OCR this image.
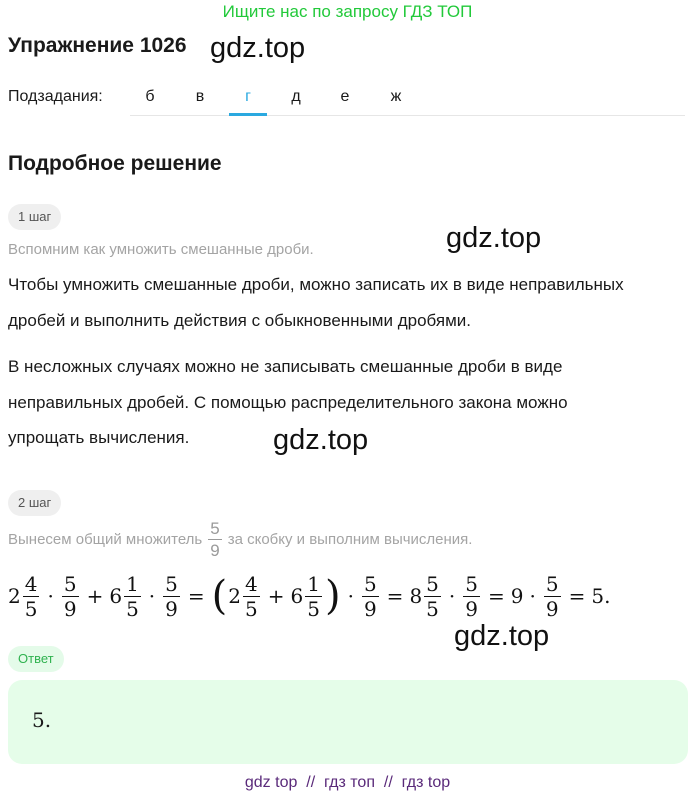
Ищите нас по запросу ГДЗ ТОП
Упражнение 1026 gdz.top
Подзадания:	б	в	г	д	е	ж
Подробное решение
1 шаг
Вспомним как умножить смешанные дроби.	gdz.top
Чтобы умножить смешанные дроби, можно записать их в виде неправильных
дробей и выполнить действия с обыкновенными дробями.
В несложных случаях можно не записывать смешанные дроби в виде
неправильных дробей. С помощью распределительного закона можно
упрощать вычисления.	gdz.top
2 шаг
Вынесем общий множитель $\frac{5}{9}$ за скобку и выполним вычисления.
$2 \frac{4}{5} \cdot \frac{5}{9} + 6 \frac{1}{5} \cdot \frac{5}{9}$ = ( $2 \frac{4}{5} + 6 \frac{1}{5}$ ) · $\frac{5}{9} = 8 \frac{5}{5} \cdot \frac{5}{9} = 9 \cdot \frac{5}{9} = 5$.
gdz.top
Ответ
5.
gdz top  //  гдз топ  //  гдз top
